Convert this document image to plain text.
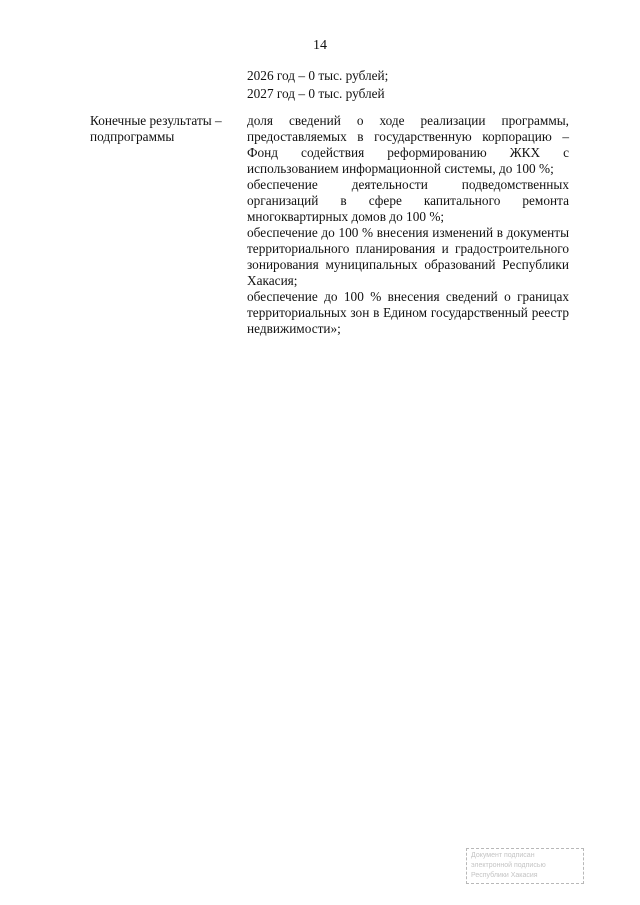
14
2026 год – 0 тыс. рублей;
2027 год – 0 тыс. рублей
Конечные результаты – подпрограммы

доля сведений о ходе реализации программы, предоставляемых в государственную корпорацию – Фонд содействия реформированию ЖКХ с использованием информационной системы, до 100 %;

обеспечение деятельности подведомственных организаций в сфере капитального ремонта многоквартирных домов до 100 %;

обеспечение до 100 % внесения изменений в документы территориального планирования и градостроительного зонирования муниципальных образований Республики Хакасия;

обеспечение до 100 % внесения сведений о границах территориальных зон в Едином государственный реестр недвижимости»;

Документ подписан
электронной подписью
Республики Хакасия
